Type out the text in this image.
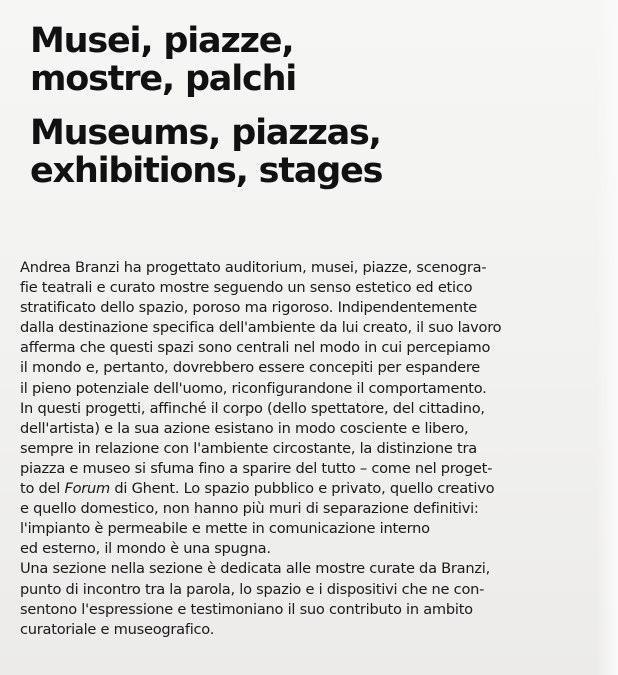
Musei, piazze,
mostre, palchi
Museums, piazzas,
exhibitions, stages
Andrea Branzi ha progettato auditorium, musei, piazze, scenogra-
fie teatrali e curato mostre seguendo un senso estetico ed etico
stratificato dello spazio, poroso ma rigoroso. Indipendentemente
dalla destinazione specifica dell'ambiente da lui creato, il suo lavoro
afferma che questi spazi sono centrali nel modo in cui percepiamo
il mondo e, pertanto, dovrebbero essere concepiti per espandere
il pieno potenziale dell'uomo, riconfigurandone il comportamento.
In questi progetti, affinché il corpo (dello spettatore, del cittadino,
dell'artista) e la sua azione esistano in modo cosciente e libero,
sempre in relazione con l'ambiente circostante, la distinzione tra
piazza e museo si sfuma fino a sparire del tutto – come nel proget-
to del Forum di Ghent. Lo spazio pubblico e privato, quello creativo
e quello domestico, non hanno più muri di separazione definitivi:
l'impianto è permeabile e mette in comunicazione interno
ed esterno, il mondo è una spugna.
Una sezione nella sezione è dedicata alle mostre curate da Branzi,
punto di incontro tra la parola, lo spazio e i dispositivi che ne con-
sentono l'espressione e testimoniano il suo contributo in ambito
curatoriale e museografico.
